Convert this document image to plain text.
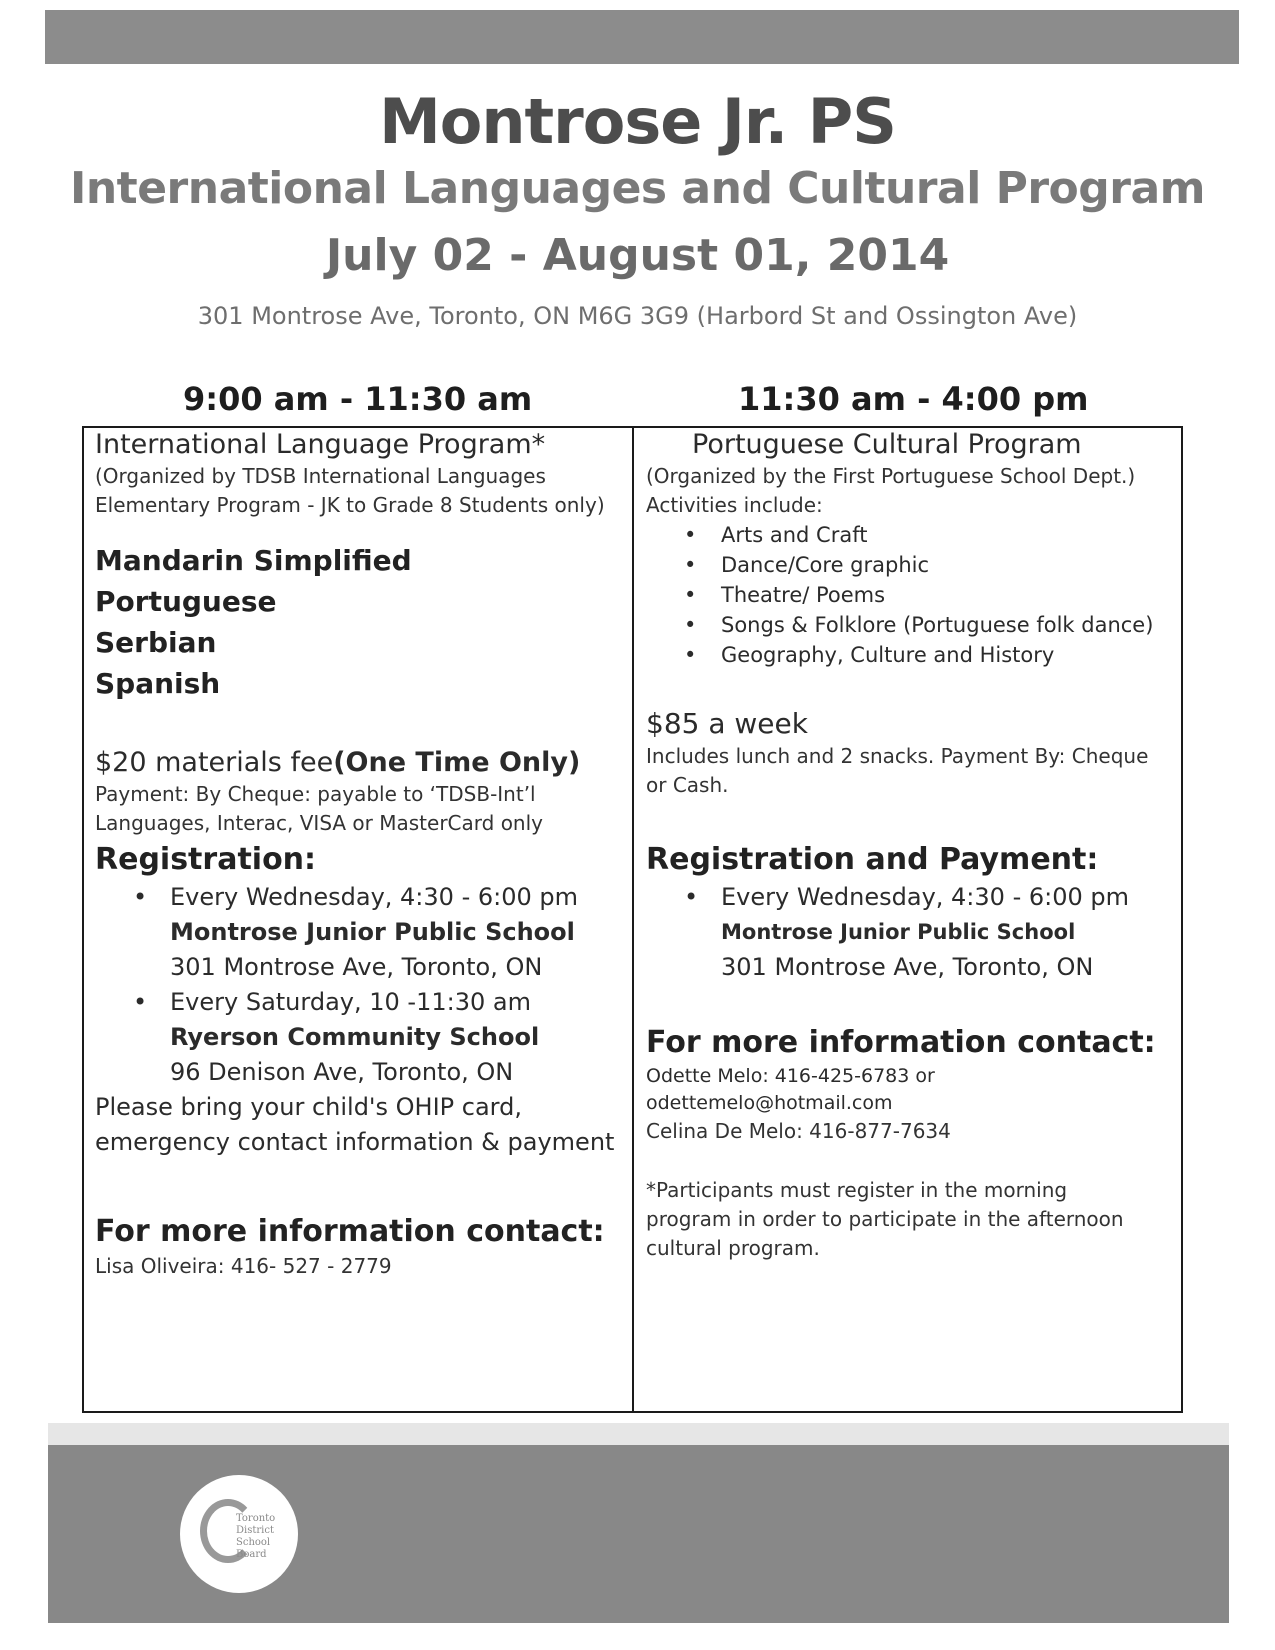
Montrose Jr. PS
International Languages and Cultural Program
July 02 - August 01, 2014
301 Montrose Ave, Toronto, ON M6G 3G9 (Harbord St and Ossington Ave)
9:00 am - 11:30 am	11:30 am - 4:00 pm

International Language Program*

(Organized by TDSB International Languages

Elementary Program - JK to Grade 8 Students only)

Mandarin Simplified

Portuguese

Serbian

Spanish

$20 materials fee(One Time Only)

Payment: By Cheque: payable to ‘TDSB-Int’l

Languages, Interac, VISA or MasterCard only

Registration:

• Every Wednesday, 4:30 - 6:00 pm
Montrose Junior Public School
301 Montrose Ave, Toronto, ON
• Every Saturday, 10 -11:30 am
Ryerson Community School
96 Denison Ave, Toronto, ON

Please bring your child's OHIP card,

emergency contact information & payment

For more information contact:

Lisa Oliveira: 416- 527 - 2779

Portuguese Cultural Program

(Organized by the First Portuguese School Dept.)

Activities include:

• Arts and Craft
• Dance/Core graphic
• Theatre/ Poems
• Songs & Folklore (Portuguese folk dance)
• Geography, Culture and History

$85 a week

Includes lunch and 2 snacks. Payment By: Cheque

or Cash.

Registration and Payment:

• Every Wednesday, 4:30 - 6:00 pm
Montrose Junior Public School
301 Montrose Ave, Toronto, ON

For more information contact:

Odette Melo: 416-425-6783 or

odettemelo@hotmail.com

Celina De Melo: 416-877-7634

*Participants must register in the morning

program in order to participate in the afternoon

cultural program.

Toronto
District
School
Board
